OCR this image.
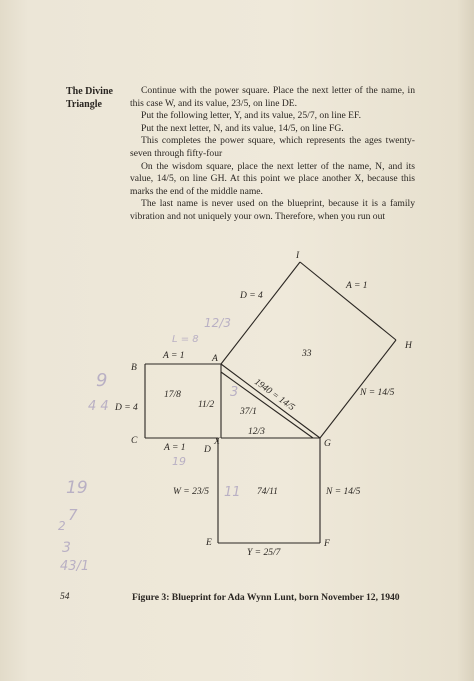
The Divine
Triangle

Continue with the power square. Place the next letter of the name, in this case W, and its value, 23/5, on line DE.

Put the following letter, Y, and its value, 25/7, on line EF.

Put the next letter, N, and its value, 14/5, on line FG.

This completes the power square, which represents the ages twenty-seven through fifty-four

On the wisdom square, place the next letter of the name, N, and its value, 14/5, on line GH. At this point we place another X, because this marks the end of the middle name.

The last name is never used on the blueprint, because it is a family vibration and not uniquely your own. Therefore, when you run out

I
H
A
B
C
D
X	G
E	F
D = 4
A = 1
A = 1	33
1940 = 14/5	N = 14/5
17/8
11/2
37/1
D = 4
12/3
A = 1
W = 23/5	74/11	N = 14/5
Y = 25/7
12/3
L = 8
3
9
4 4
19
11
19
7
2
3
43/1
54	Figure 3: Blueprint for Ada Wynn Lunt, born November 12, 1940
